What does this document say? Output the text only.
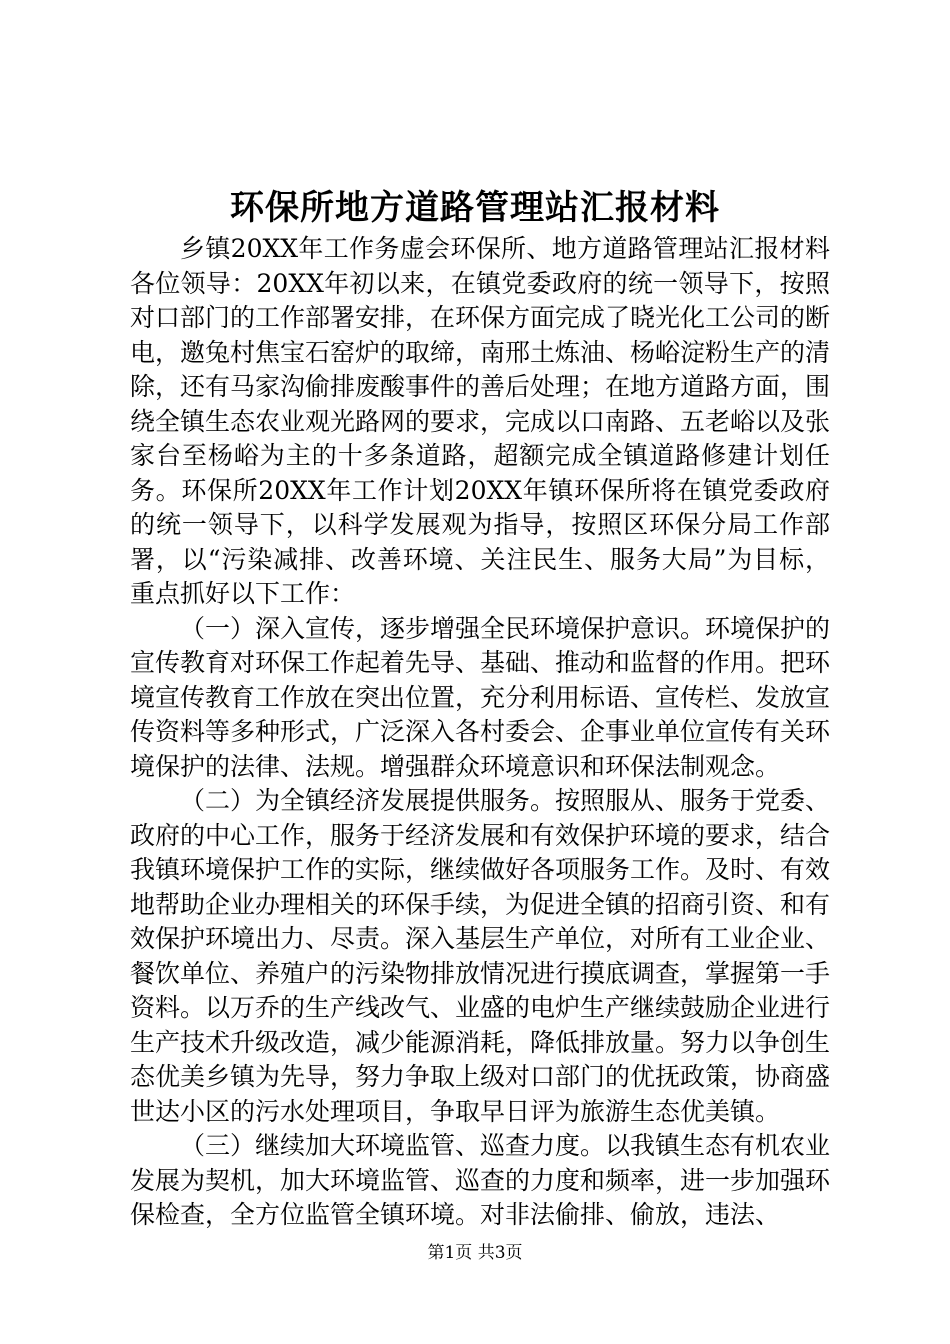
环保所地方道路管理站汇报材料

乡镇20XX年工作务虚会环保所、地方道路管理站汇报材料各位领导：20XX年初以来，在镇党委政府的统一领导下，按照对口部门的工作部署安排，在环保方面完成了晓光化工公司的断电，邀兔村焦宝石窑炉的取缔，南邢土炼油、杨峪淀粉生产的清除，还有马家沟偷排废酸事件的善后处理；在地方道路方面，围绕全镇生态农业观光路网的要求，完成以口南路、五老峪以及张家台至杨峪为主的十多条道路，超额完成全镇道路修建计划任务。环保所20XX年工作计划20XX年镇环保所将在镇党委政府的统一领导下，以科学发展观为指导，按照区环保分局工作部署，以“污染减排、改善环境、关注民生、服务大局”为目标，重点抓好以下工作：

（一）深入宣传，逐步增强全民环境保护意识。环境保护的宣传教育对环保工作起着先导、基础、推动和监督的作用。把环境宣传教育工作放在突出位置，充分利用标语、宣传栏、发放宣传资料等多种形式，广泛深入各村委会、企事业单位宣传有关环境保护的法律、法规。增强群众环境意识和环保法制观念。

（二）为全镇经济发展提供服务。按照服从、服务于党委、政府的中心工作，服务于经济发展和有效保护环境的要求，结合我镇环境保护工作的实际，继续做好各项服务工作。及时、有效地帮助企业办理相关的环保手续，为促进全镇的招商引资、和有效保护环境出力、尽责。深入基层生产单位，对所有工业企业、餐饮单位、养殖户的污染物排放情况进行摸底调查，掌握第一手资料。以万乔的生产线改气、业盛的电炉生产继续鼓励企业进行生产技术升级改造，减少能源消耗，降低排放量。努力以争创生态优美乡镇为先导，努力争取上级对口部门的优抚政策，协商盛世达小区的污水处理项目，争取早日评为旅游生态优美镇。

（三）继续加大环境监管、巡查力度。以我镇生态有机农业发展为契机，加大环境监管、巡查的力度和频率，进一步加强环保检查，全方位监管全镇环境。对非法偷排、偷放，违法、

第1页 共3页
